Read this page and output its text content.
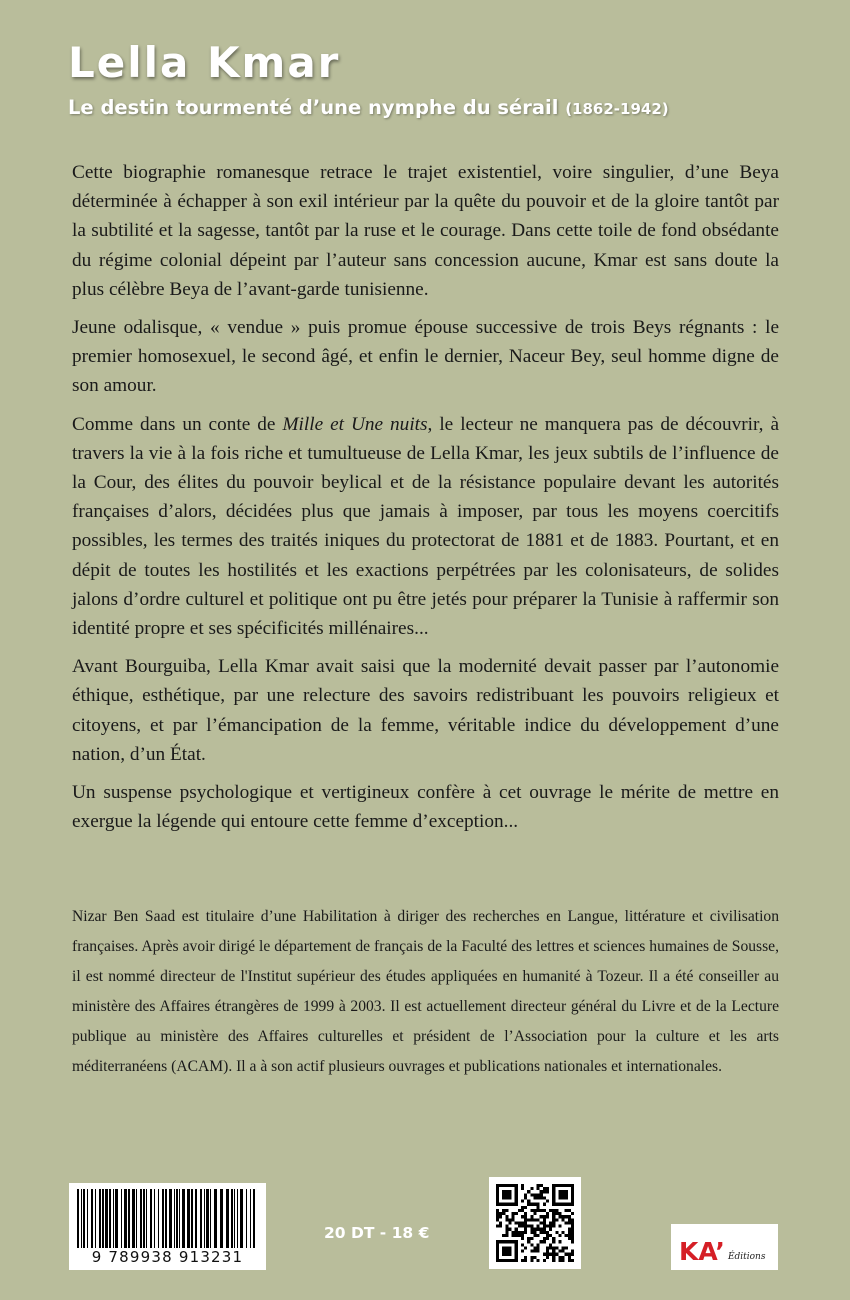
Lella Kmar
Le destin tourmenté d’une nymphe du sérail (1862-1942)

Cette biographie romanesque retrace le trajet existentiel, voire singulier, d’une Beya déterminée à échapper à son exil intérieur par la quête du pouvoir et de la gloire tantôt par la subtilité et la sagesse, tantôt par la ruse et le courage. Dans cette toile de fond obsédante du régime colonial dépeint par l’auteur sans concession aucune, Kmar est sans doute la plus célèbre Beya de l’avant-garde tunisienne.

Jeune odalisque, « vendue » puis promue épouse successive de trois Beys régnants : le premier homosexuel, le second âgé, et enfin le dernier, Naceur Bey, seul homme digne de son amour.

Comme dans un conte de Mille et Une nuits, le lecteur ne manquera pas de découvrir, à travers la vie à la fois riche et tumultueuse de Lella Kmar, les jeux subtils de l’influence de la Cour, des élites du pouvoir beylical et de la résistance populaire devant les autorités françaises d’alors, décidées plus que jamais à imposer, par tous les moyens coercitifs possibles, les termes des traités iniques du protectorat de 1881 et de 1883. Pourtant, et en dépit de toutes les hostilités et les exactions perpétrées par les colonisateurs, de solides jalons d’ordre culturel et politique ont pu être jetés pour préparer la Tunisie à raffermir son identité propre et ses spécificités millénaires...

Avant Bourguiba, Lella Kmar avait saisi que la modernité devait passer par l’autonomie éthique, esthétique, par une relecture des savoirs redistribuant les pouvoirs religieux et citoyens, et par l’émancipation de la femme, véritable indice du développement d’une nation, d’un État.

Un suspense psychologique et vertigineux confère à cet ouvrage le mérite de mettre en exergue la légende qui entoure cette femme d’exception...

Nizar Ben Saad est titulaire d’une Habilitation à diriger des recherches en Langue, littérature et civilisation françaises. Après avoir dirigé le département de français de la Faculté des lettres et sciences humaines de Sousse, il est nommé directeur de l'Institut supérieur des études appliquées en humanité à Tozeur. Il a été conseiller au ministère des Affaires étrangères de 1999 à 2003. Il est actuellement directeur général du Livre et de la Lecture publique au ministère des Affaires culturelles et président de l’Association pour la culture et les arts méditerranéens (ACAM). Il a à son actif plusieurs ouvrages et publications nationales et internationales.

9 789938 913231
20 DT - 18 €
KA’ Éditions
